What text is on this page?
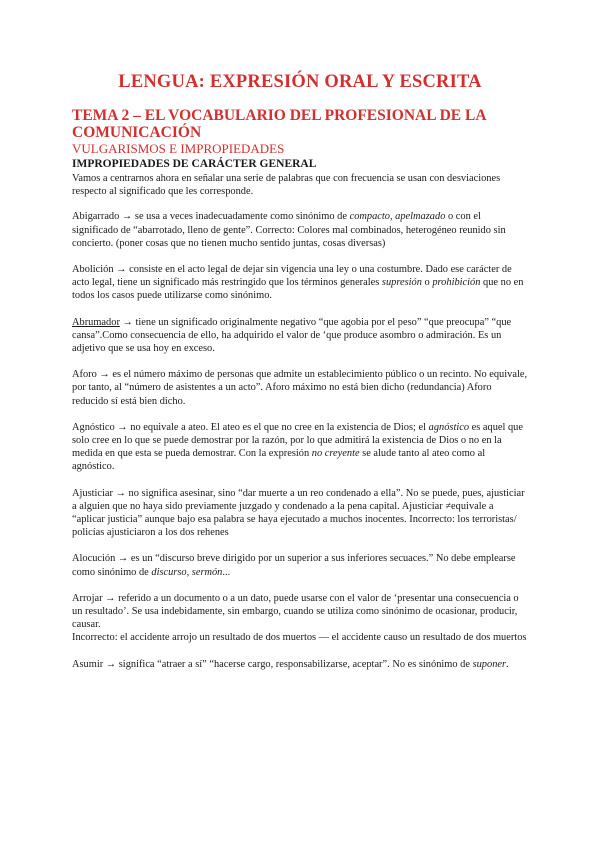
LENGUA: EXPRESIÓN ORAL Y ESCRITA
TEMA 2 – EL VOCABULARIO DEL PROFESIONAL DE LA COMUNICACIÓN
VULGARISMOS E IMPROPIEDADES
IMPROPIEDADES DE CARÁCTER GENERAL

Vamos a centrarnos ahora en señalar una serie de palabras que con frecuencia se usan con desviaciones respecto al significado que les corresponde.

Abigarrado → se usa a veces inadecuadamente como sinónimo de compacto, apelmazado o con el significado de “abarrotado, lleno de gente”. Correcto: Colores mal combinados, heterogéneo reunido sin concierto. (poner cosas que no tienen mucho sentido juntas, cosas diversas)

Abolición → consiste en el acto legal de dejar sin vigencia una ley o una costumbre. Dado ese carácter de acto legal, tiene un significado más restringido que los términos generales supresión o prohibición que no en todos los casos puede utilizarse como sinónimo.

Abrumador → tiene un significado originalmente negativo “que agobia por el peso” “que preocupa” “que cansa”.Como consecuencia de ello, ha adquirido el valor de ‘que produce asombro o admiración. Es un adjetivo que se usa hoy en exceso.

Aforo → es el número máximo de personas que admite un establecimiento público o un recinto. No equivale, por tanto, al “número de asistentes a un acto”. Aforo máximo no está bien dicho (redundancia) Aforo reducido sí está bien dicho.

Agnóstico → no equivale a ateo. El ateo es el que no cree en la existencia de Dios; el agnóstico es aquel que solo cree en lo que se puede demostrar por la razón, por lo que admitirá la existencia de Dios o no en la medida en que esta se pueda demostrar. Con la expresión no creyente se alude tanto al ateo como al agnóstico.

Ajusticiar → no significa asesinar, sino “dar muerte a un reo condenado a ella”. No se puede, pues, ajusticiar a alguien que no haya sido previamente juzgado y condenado a la pena capital. Ajusticiar ≠equivale a “aplicar justicia” aunque bajo esa palabra se haya ejecutado a muchos inocentes. Incorrecto: los terroristas/ policías ajusticiaron a los dos rehenes

Alocución → es un “discurso breve dirigido por un superior a sus inferiores secuaces.” No debe emplearse como sinónimo de discurso, sermón...

Arrojar → referido a un documento o a un dato, puede usarse con el valor de ‘presentar una consecuencia o un resultado’. Se usa indebidamente, sin embargo, cuando se utiliza como sinónimo de ocasionar, producir, causar.
Incorrecto: el accidente arrojo un resultado de dos muertos — el accidente causo un resultado de dos muertos

Asumir → significa “atraer a sí” “hacerse cargo, responsabilizarse, aceptar”. No es sinónimo de suponer.
